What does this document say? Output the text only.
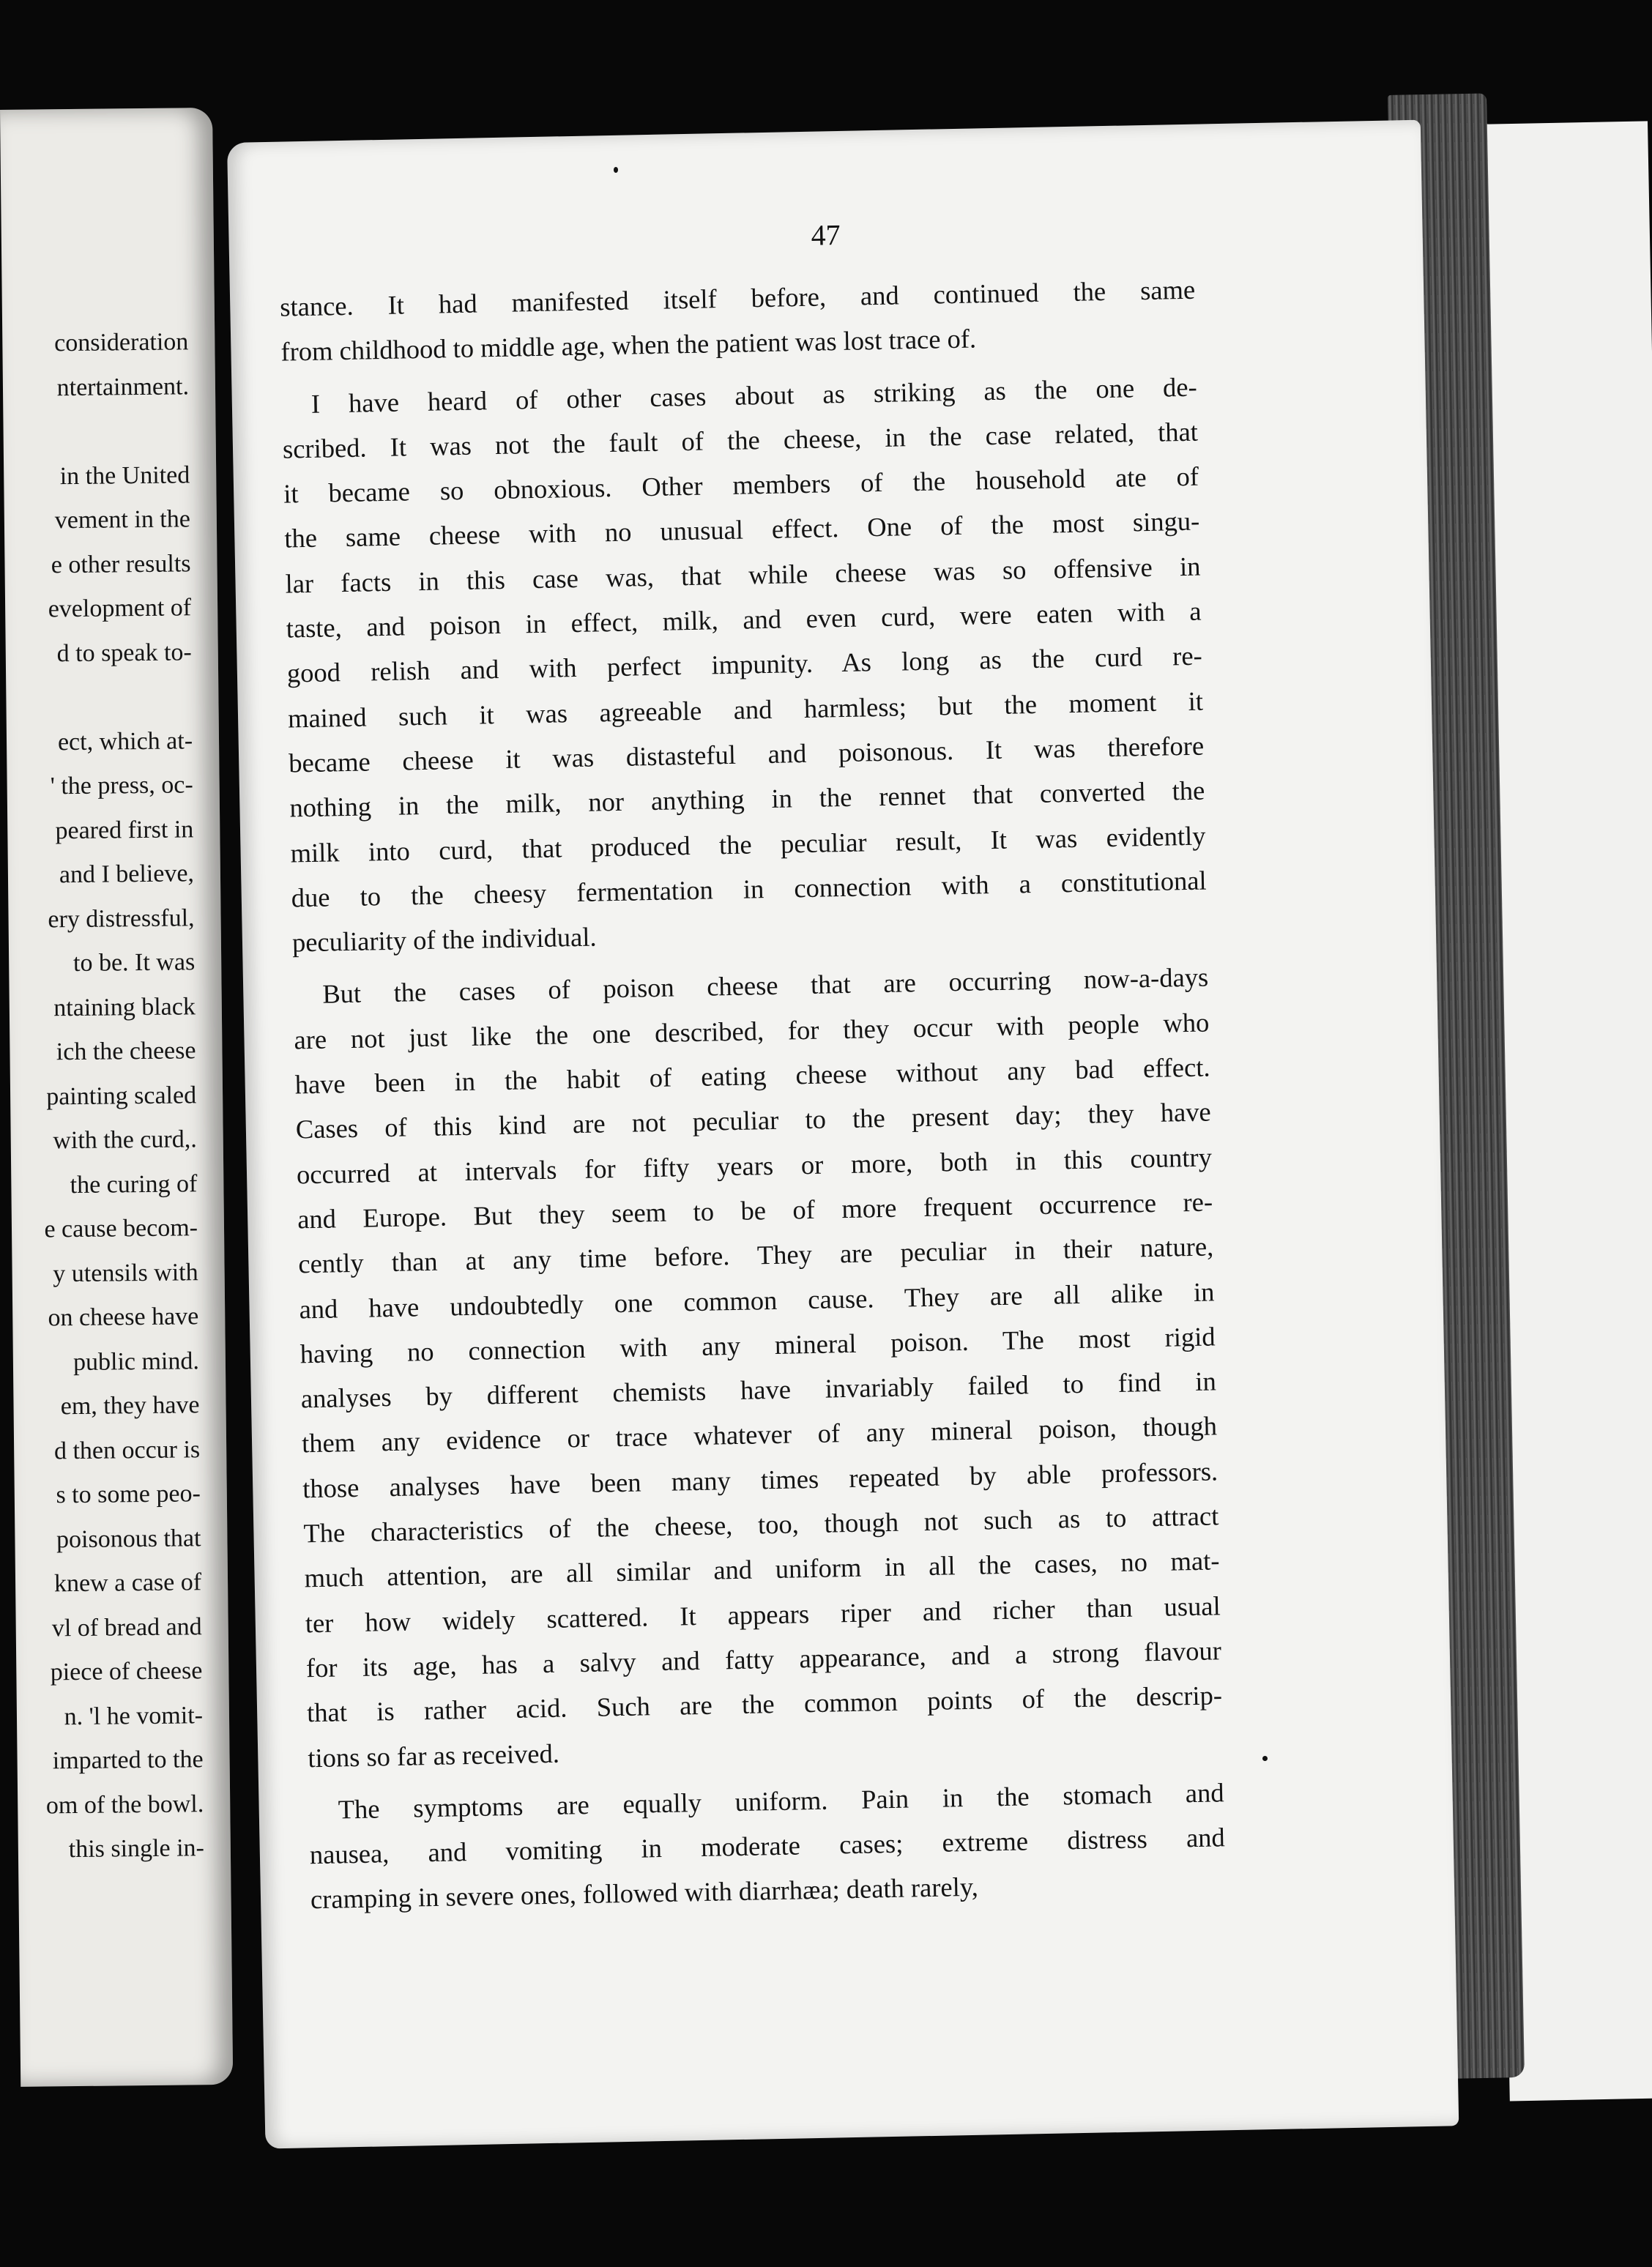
consideration
ntertainment.

in the United
vement in the
e other results
evelopment of
d to speak to-

ect, which at-
' the press, oc-
peared first in
and I believe,
ery distressful,
to be. It was
ntaining black
ich the cheese
painting scaled
with the curd,.
the curing of
e cause becom-
y utensils with
on cheese have
public mind.
em, they have
d then occur is
s to some peo-
poisonous that
knew a case of
vl of bread and
piece of cheese
n. 'l he vomit-
imparted to the
om of the bowl.
this single in-
47
stance. It had manifested itself before, and continued the same
from childhood to middle age, when the patient was lost trace of.
I have heard of other cases about as striking as the one de-
scribed. It was not the fault of the cheese, in the case related, that
it became so obnoxious. Other members of the household ate of
the same cheese with no unusual effect. One of the most singu-
lar facts in this case was, that while cheese was so offensive in
taste, and poison in effect, milk, and even curd, were eaten with a
good relish and with perfect impunity. As long as the curd re-
mained such it was agreeable and harmless; but the moment it
became cheese it was distasteful and poisonous. It was therefore
nothing in the milk, nor anything in the rennet that converted the
milk into curd, that produced the peculiar result, It was evidently
due to the cheesy fermentation in connection with a constitutional
peculiarity of the individual.
But the cases of poison cheese that are occurring now-a-days
are not just like the one described, for they occur with people who
have been in the habit of eating cheese without any bad effect.
Cases of this kind are not peculiar to the present day; they have
occurred at intervals for fifty years or more, both in this country
and Europe. But they seem to be of more frequent occurrence re-
cently than at any time before. They are peculiar in their nature,
and have undoubtedly one common cause. They are all alike in
having no connection with any mineral poison. The most rigid
analyses by different chemists have invariably failed to find in
them any evidence or trace whatever of any mineral poison, though
those analyses have been many times repeated by able professors.
The characteristics of the cheese, too, though not such as to attract
much attention, are all similar and uniform in all the cases, no mat-
ter how widely scattered. It appears riper and richer than usual
for its age, has a salvy and fatty appearance, and a strong flavour
that is rather acid. Such are the common points of the descrip-
tions so far as received.
The symptoms are equally uniform. Pain in the stomach and
nausea, and vomiting in moderate cases; extreme distress and
cramping in severe ones, followed with diarrhæa; death rarely,
